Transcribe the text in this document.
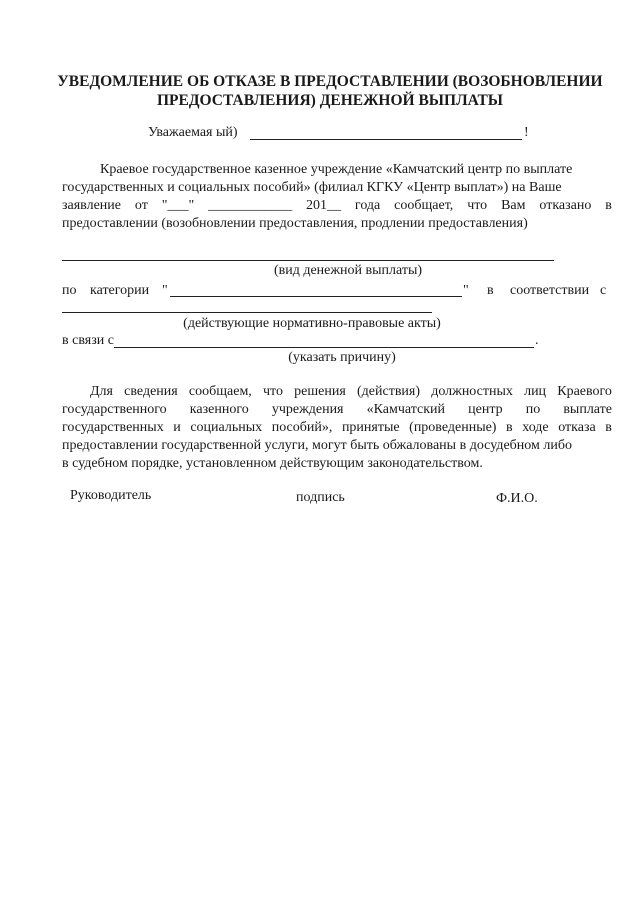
УВЕДОМЛЕНИЕ ОБ ОТКАЗЕ В ПРЕДОСТАВЛЕНИИ (ВОЗОБНОВЛЕНИИ
ПРЕДОСТАВЛЕНИЯ) ДЕНЕЖНОЙ ВЫПЛАТЫ
Уважаемая ый)	!
Краевое государственное казенное учреждение «Камчатский центр по выплате
государственных и социальных пособий» (филиал КГКУ «Центр выплат») на Ваше
заявление от "___" ____________ 201__ года сообщает, что Вам отказано в
предоставлении (возобновлении предоставления, продлении предоставления)
(вид денежной выплаты)
по категории "	" в соответствии с
(действующие нормативно-правовые акты)
в связи с	.
(указать причину)
Для сведения сообщаем, что решения (действия) должностных лиц Краевого
государственного казенного учреждения «Камчатский центр по выплате
государственных и социальных пособий», принятые (проведенные) в ходе отказа в
предоставлении государственной услуги, могут быть обжалованы в досудебном либо
в судебном порядке, установленном действующим законодательством.
Руководитель	подпись	Ф.И.О.
